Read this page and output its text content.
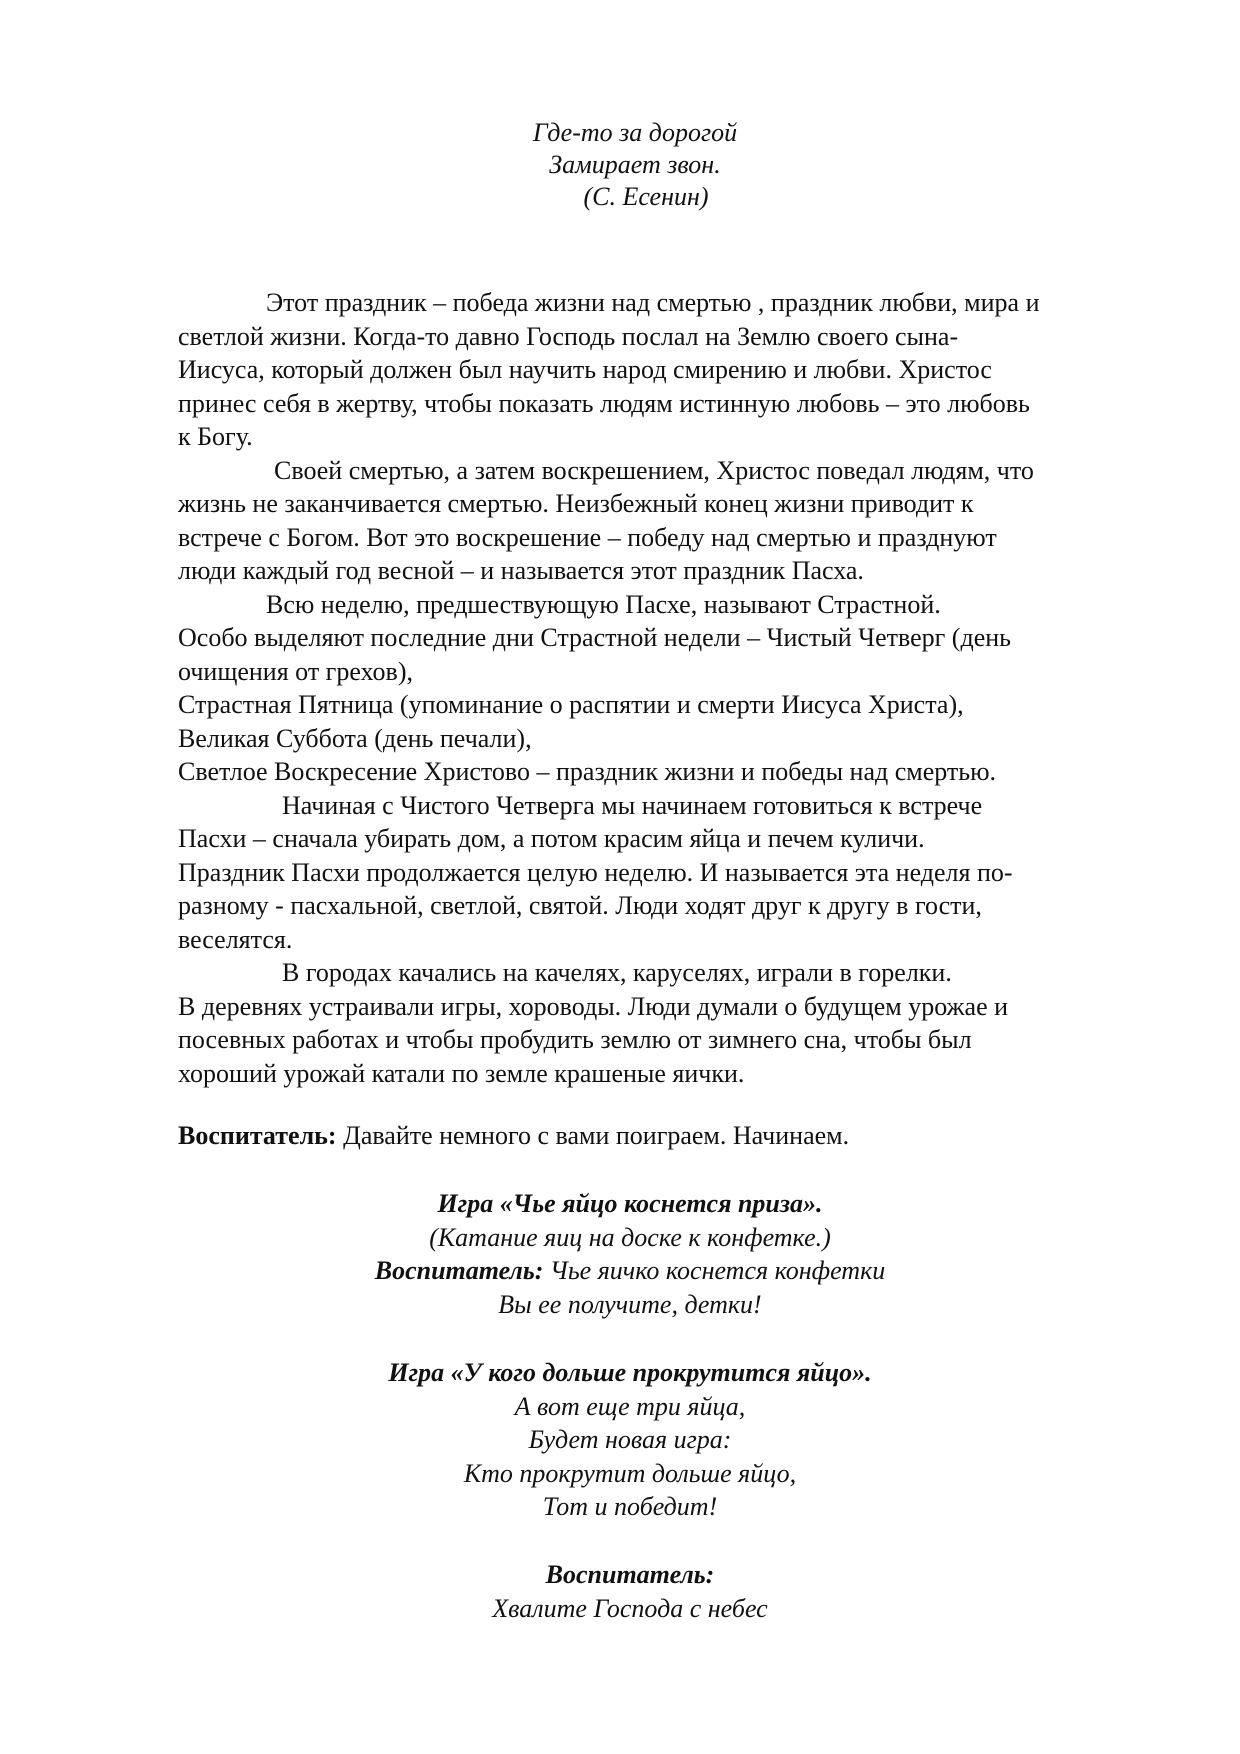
Где-то за дорогой
Замирает звон.
(С. Есенин)
Этот праздник – победа жизни над смертью , праздник любви, мира и
светлой жизни. Когда-то давно Господь послал на Землю своего сына-
Иисуса, который должен был научить народ смирению и любви. Христос
принес себя в жертву, чтобы показать людям истинную любовь – это любовь
к Богу.
Своей смертью, а затем воскрешением, Христос поведал людям, что
жизнь не заканчивается смертью. Неизбежный конец жизни приводит к
встрече с Богом. Вот это воскрешение – победу над смертью и празднуют
люди каждый год весной – и называется этот праздник Пасха.
Всю неделю, предшествующую Пасхе, называют Страстной.
Особо выделяют последние дни Страстной недели – Чистый Четверг (день
очищения от грехов),
Страстная Пятница (упоминание о распятии и смерти Иисуса Христа),
Великая Суббота (день печали),
Светлое Воскресение Христово – праздник жизни и победы над смертью.
Начиная с Чистого Четверга мы начинаем готовиться к встрече
Пасхи – сначала убирать дом, а потом красим яйца и печем куличи.
Праздник Пасхи продолжается целую неделю. И называется эта неделя по-
разному - пасхальной, светлой, святой. Люди ходят друг к другу в гости,
веселятся.
В городах качались на качелях, каруселях, играли в горелки.
В деревнях устраивали игры, хороводы. Люди думали о будущем урожае и
посевных работах и чтобы пробудить землю от зимнего сна, чтобы был
хороший урожай катали по земле крашеные яички.
Воспитатель: Давайте немного с вами поиграем. Начинаем.
Игра «Чье яйцо коснется приза».
(Катание яиц на доске к конфетке.)
Воспитатель: Чье яичко коснется конфетки
Вы ее получите, детки!
Игра «У кого дольше прокрутится яйцо».
А вот еще три яйца,
Будет новая игра:
Кто прокрутит дольше яйцо,
Тот и победит!
Воспитатель:
Хвалите Господа с небес
